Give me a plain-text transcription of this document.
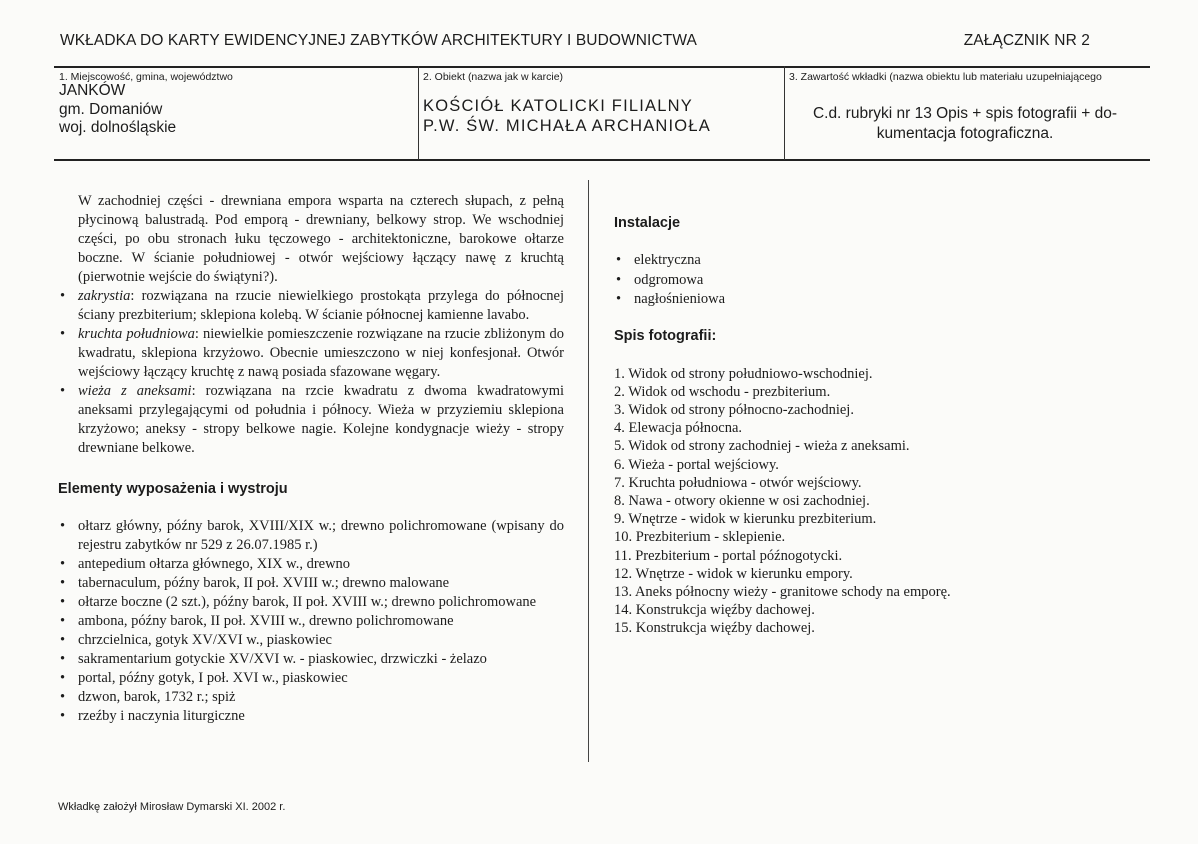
WKŁADKA DO KARTY EWIDENCYJNEJ ZABYTKÓW ARCHITEKTURY I BUDOWNICTWA	ZAŁĄCZNIK NR 2
1. Miejscowość, gmina, województwo
JANKÓW
gm. Domaniów
woj. dolnośląskie
2. Obiekt (nazwa jak w karcie)
KOŚCIÓŁ KATOLICKI FILIALNY
P.W. ŚW. MICHAŁA ARCHANIOŁA
3. Zawartość wkładki (nazwa obiektu lub materiału uzupełniającego
C.d. rubryki nr 13 Opis + spis fotografii + do-
kumentacja fotograficzna.

W zachodniej części - drewniana empora wsparta na czterech słupach, z pełną płycinową balustradą. Pod emporą - drewniany, belkowy strop. We wschodniej części, po obu stronach łuku tęczowego - architektoniczne, barokowe ołtarze boczne. W ścianie południowej - otwór wejściowy łączący nawę z kruchtą (pierwotnie wejście do świątyni?).

• zakrystia: rozwiązana na rzucie niewielkiego prostokąta przylega do północnej ściany prezbiterium; sklepiona kolebą. W ścianie północnej kamienne lavabo.
• kruchta południowa: niewielkie pomieszczenie rozwiązane na rzucie zbliżonym do kwadratu, sklepiona krzyżowo. Obecnie umieszczono w niej konfesjonał. Otwór wejściowy łączący kruchtę z nawą posiada sfazowane węgary.
• wieża z aneksami: rozwiązana na rzcie kwadratu z dwoma kwadratowymi aneksami przylegającymi od południa i północy. Wieża w przyziemiu sklepiona krzyżowo; aneksy - stropy belkowe nagie. Kolejne kondygnacje wieży - stropy drewniane belkowe.
Elementy wyposażenia i wystroju
• ołtarz główny, późny barok, XVIII/XIX w.; drewno polichromowane (wpisany do rejestru zabytków nr 529 z 26.07.1985 r.)
• antepedium ołtarza głównego, XIX w., drewno
• tabernaculum, późny barok, II poł. XVIII w.; drewno malowane
• ołtarze boczne (2 szt.), późny barok, II poł. XVIII w.; drewno polichromowane
• ambona, późny barok, II poł. XVIII w., drewno polichromowane
• chrzcielnica, gotyk XV/XVI w., piaskowiec
• sakramentarium gotyckie XV/XVI w. - piaskowiec, drzwiczki - żelazo
• portal, późny gotyk, I poł. XVI w., piaskowiec
• dzwon, barok, 1732 r.; spiż
• rzeźby i naczynia liturgiczne
Instalacje
• elektryczna
• odgromowa
• nagłośnieniowa
Spis fotografii:
1. Widok od strony południowo-wschodniej.
2. Widok od wschodu - prezbiterium.
3. Widok od strony północno-zachodniej.
4. Elewacja północna.
5. Widok od strony zachodniej - wieża z aneksami.
6. Wieża - portal wejściowy.
7. Kruchta południowa - otwór wejściowy.
8. Nawa - otwory okienne w osi zachodniej.
9. Wnętrze - widok w kierunku prezbiterium.
10. Prezbiterium - sklepienie.
11. Prezbiterium - portal późnogotycki.
12. Wnętrze - widok w kierunku empory.
13. Aneks północny wieży - granitowe schody na emporę.
14. Konstrukcja więźby dachowej.
15. Konstrukcja więźby dachowej.
Wkładkę założył Mirosław Dymarski XI. 2002 r.
